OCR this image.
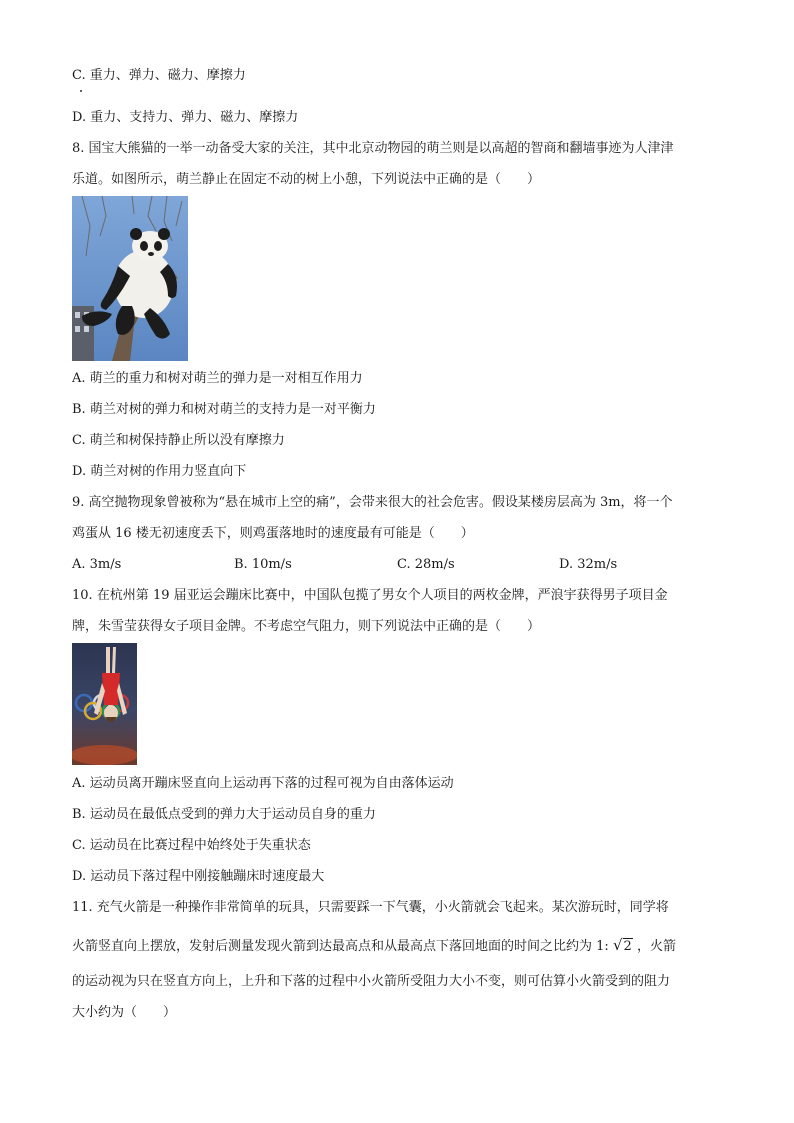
C. 重力、弹力、磁力、摩擦力
D. 重力、支持力、弹力、磁力、摩擦力
8. 国宝大熊猫的一举一动备受大家的关注，其中北京动物园的萌兰则是以高超的智商和翻墙事迹为人津津
乐道。如图所示，萌兰静止在固定不动的树上小憩，下列说法中正确的是（　　）
A. 萌兰的重力和树对萌兰的弹力是一对相互作用力
B. 萌兰对树的弹力和树对萌兰的支持力是一对平衡力
C. 萌兰和树保持静止所以没有摩擦力
D. 萌兰对树的作用力竖直向下
9. 高空抛物现象曾被称为“悬在城市上空的痛”，会带来很大的社会危害。假设某楼房层高为 3m，将一个
鸡蛋从 16 楼无初速度丢下，则鸡蛋落地时的速度最有可能是（　　）
A. 3m/s	B. 10m/s	C. 28m/s	D. 32m/s
10. 在杭州第 19 届亚运会蹦床比赛中，中国队包揽了男女个人项目的两枚金牌，严浪宇获得男子项目金
牌，朱雪莹获得女子项目金牌。不考虑空气阻力，则下列说法中正确的是（　　）
A. 运动员离开蹦床竖直向上运动再下落的过程可视为自由落体运动
B. 运动员在最低点受到的弹力大于运动员自身的重力
C. 运动员在比赛过程中始终处于失重状态
D. 运动员下落过程中刚接触蹦床时速度最大
11. 充气火箭是一种操作非常简单的玩具，只需要踩一下气囊，小火箭就会飞起来。某次游玩时，同学将
火箭竖直向上摆放，发射后测量发现火箭到达最高点和从最高点下落回地面的时间之比约为 1: √2 ，火箭
的运动视为只在竖直方向上，上升和下落的过程中小火箭所受阻力大小不变，则可估算小火箭受到的阻力
大小约为（　　）
